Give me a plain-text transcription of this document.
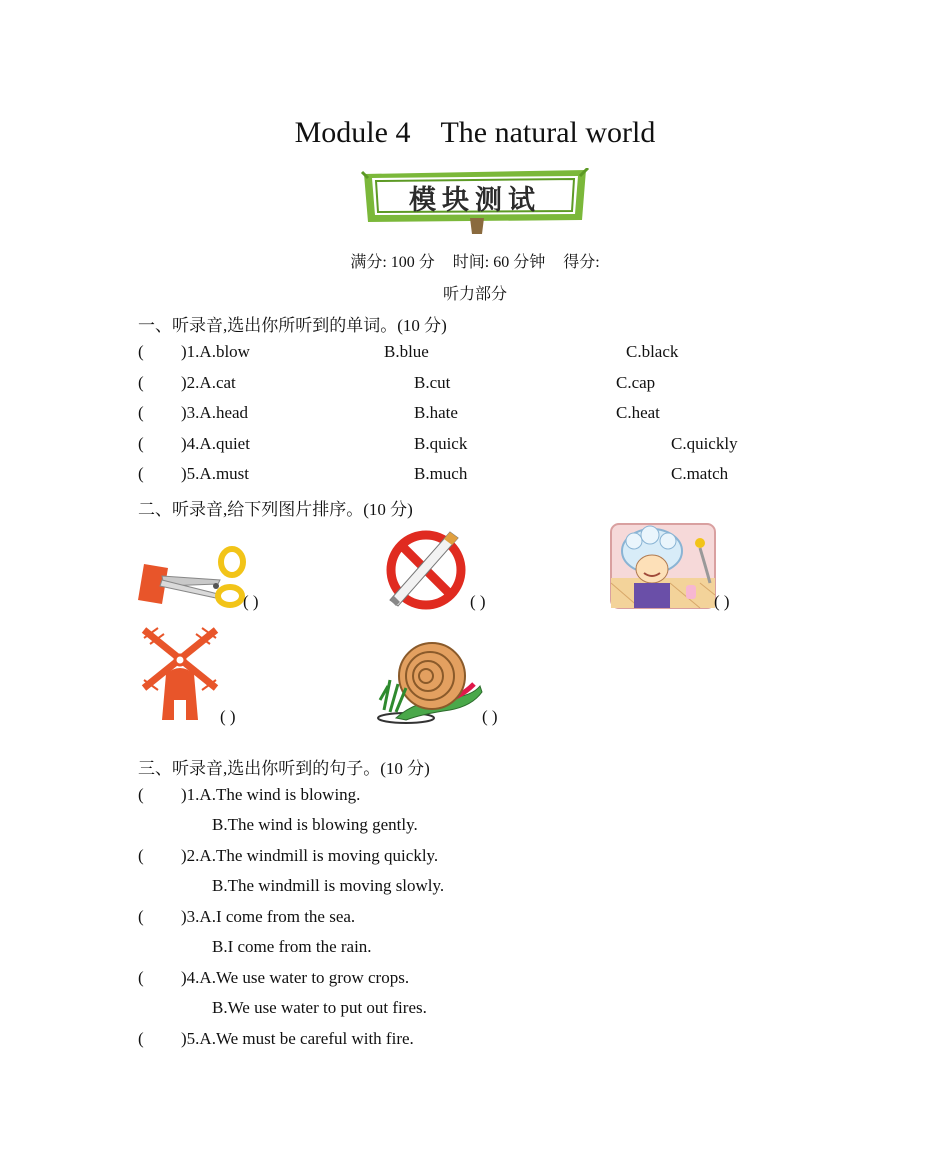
Module 4 The natural world
模块测试
满分: 100 分 时间: 60 分钟 得分:
听力部分
一、听录音,选出你所听到的单词。(10 分)
(	)1.A.blow	B.blue	C.black
(	)2.A.cat	B.cut	C.cap
(	)3.A.head	B.hate	C.heat
(	)4.A.quiet	B.quick	C.quickly
(	)5.A.must	B.much	C.match
二、听录音,给下列图片排序。(10 分)
( )	( )	( )
( )	( )
三、听录音,选出你听到的句子。(10 分)
(	)1.A.The wind is blowing.
B.The wind is blowing gently.
(	)2.A.The windmill is moving quickly.
B.The windmill is moving slowly.
(	)3.A.I come from the sea.
B.I come from the rain.
(	)4.A.We use water to grow crops.
B.We use water to put out fires.
(	)5.A.We must be careful with fire.
